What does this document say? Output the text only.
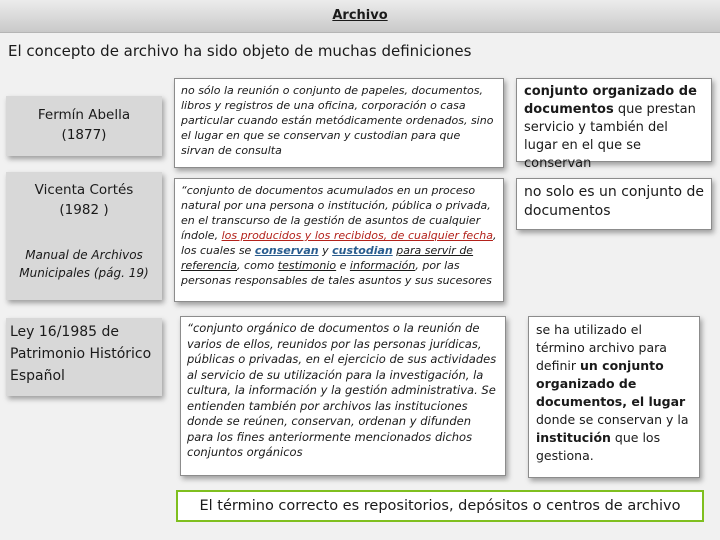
Archivo

El concepto de archivo ha sido objeto de muchas definiciones

Fermín Abella
(1877)
no sólo la reunión o conjunto de papeles, documentos, libros y registros de una oficina, corporación o casa particular cuando están metódicamente ordenados, sino el lugar en que se conservan y custodian para que sirvan de consulta
conjunto organizado de documentos que prestan servicio y también del lugar en el que se conservan
Vicenta Cortés
(1982 )
Manual de Archivos Municipales (pág. 19)
“conjunto de documentos acumulados en un proceso natural por una persona o institución, pública o privada, en el transcurso de la gestión de asuntos de cualquier índole, los producidos y los recibidos, de cualquier fecha, los cuales se conservan y custodian para servir de referencia, como testimonio e información, por las personas responsables de tales asuntos y sus sucesores
no solo es un conjunto de documentos
Ley 16/1985 de Patrimonio Histórico Español
“conjunto orgánico de documentos o la reunión de varios de ellos, reunidos por las personas jurídicas, públicas o privadas, en el ejercicio de sus actividades al servicio de su utilización para la investigación, la cultura, la información y la gestión administrativa. Se entienden también por archivos las instituciones donde se reúnen, conservan, ordenan y difunden para los fines anteriormente mencionados dichos conjuntos orgánicos
se ha utilizado el término archivo para definir un conjunto organizado de documentos, el lugar donde se conservan y la institución que los gestiona.
El término correcto es repositorios, depósitos o centros de archivo
